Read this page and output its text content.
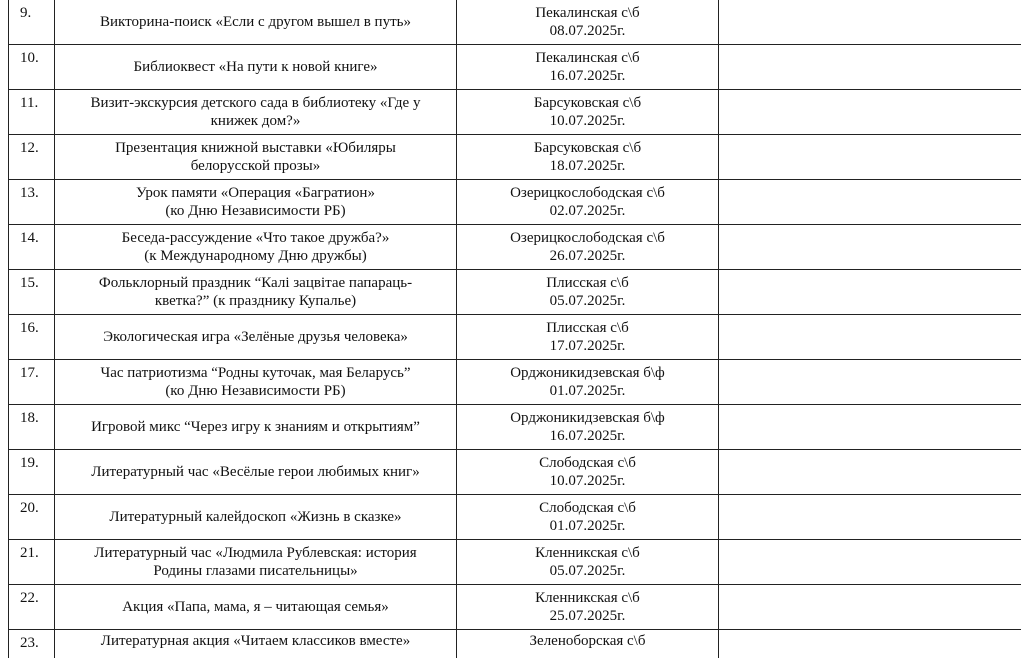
9.	Викторина-поиск «Если с другом вышел в путь»	Пекалинская с\б
08.07.2025г.	

10.	Библиоквест «На пути к новой книге»	Пекалинская с\б
16.07.2025г.	

11.	Визит-экскурсия детского сада в библиотеку «Где у
книжек дом?»	Барсуковская с\б
10.07.2025г.	

12.	Презентация книжной выставки «Юбиляры
белорусской прозы»	Барсуковская с\б
18.07.2025г.	

13.	Урок памяти «Операция «Багратион»
(ко Дню Независимости РБ)	Озерицкослободская с\б
02.07.2025г.	

14.	Беседа-рассуждение «Что такое дружба?»
(к Международному Дню дружбы)	Озерицкослободская с\б
26.07.2025г.	

15.	Фольклорный праздник “Калі зацвітае папараць-
кветка?” (к празднику Купалье)	Плисская с\б
05.07.2025г.	

16.	Экологическая игра «Зелёные друзья человека»	Плисская с\б
17.07.2025г.	

17.	Час патриотизма “Родны куточак, мая Беларусь”
(ко Дню Независимости РБ)	Орджоникидзевская б\ф
01.07.2025г.	

18.	Игровой микс “Через игру к знаниям и открытиям”	Орджоникидзевская б\ф
16.07.2025г.	

19.	Литературный час «Весёлые герои любимых книг»	Слободская с\б
10.07.2025г.	

20.	Литературный калейдоскоп «Жизнь в сказке»	Слободская с\б
01.07.2025г.	

21.	Литературный час «Людмила Рублевская: история
Родины глазами писательницы»	Кленникская с\б
05.07.2025г.	

22.	Акция «Папа, мама, я – читающая семья»	Кленникская с\б
25.07.2025г.	

23.	Литературная акция «Читаем классиков вместе»	Зеленоборская с\б	
